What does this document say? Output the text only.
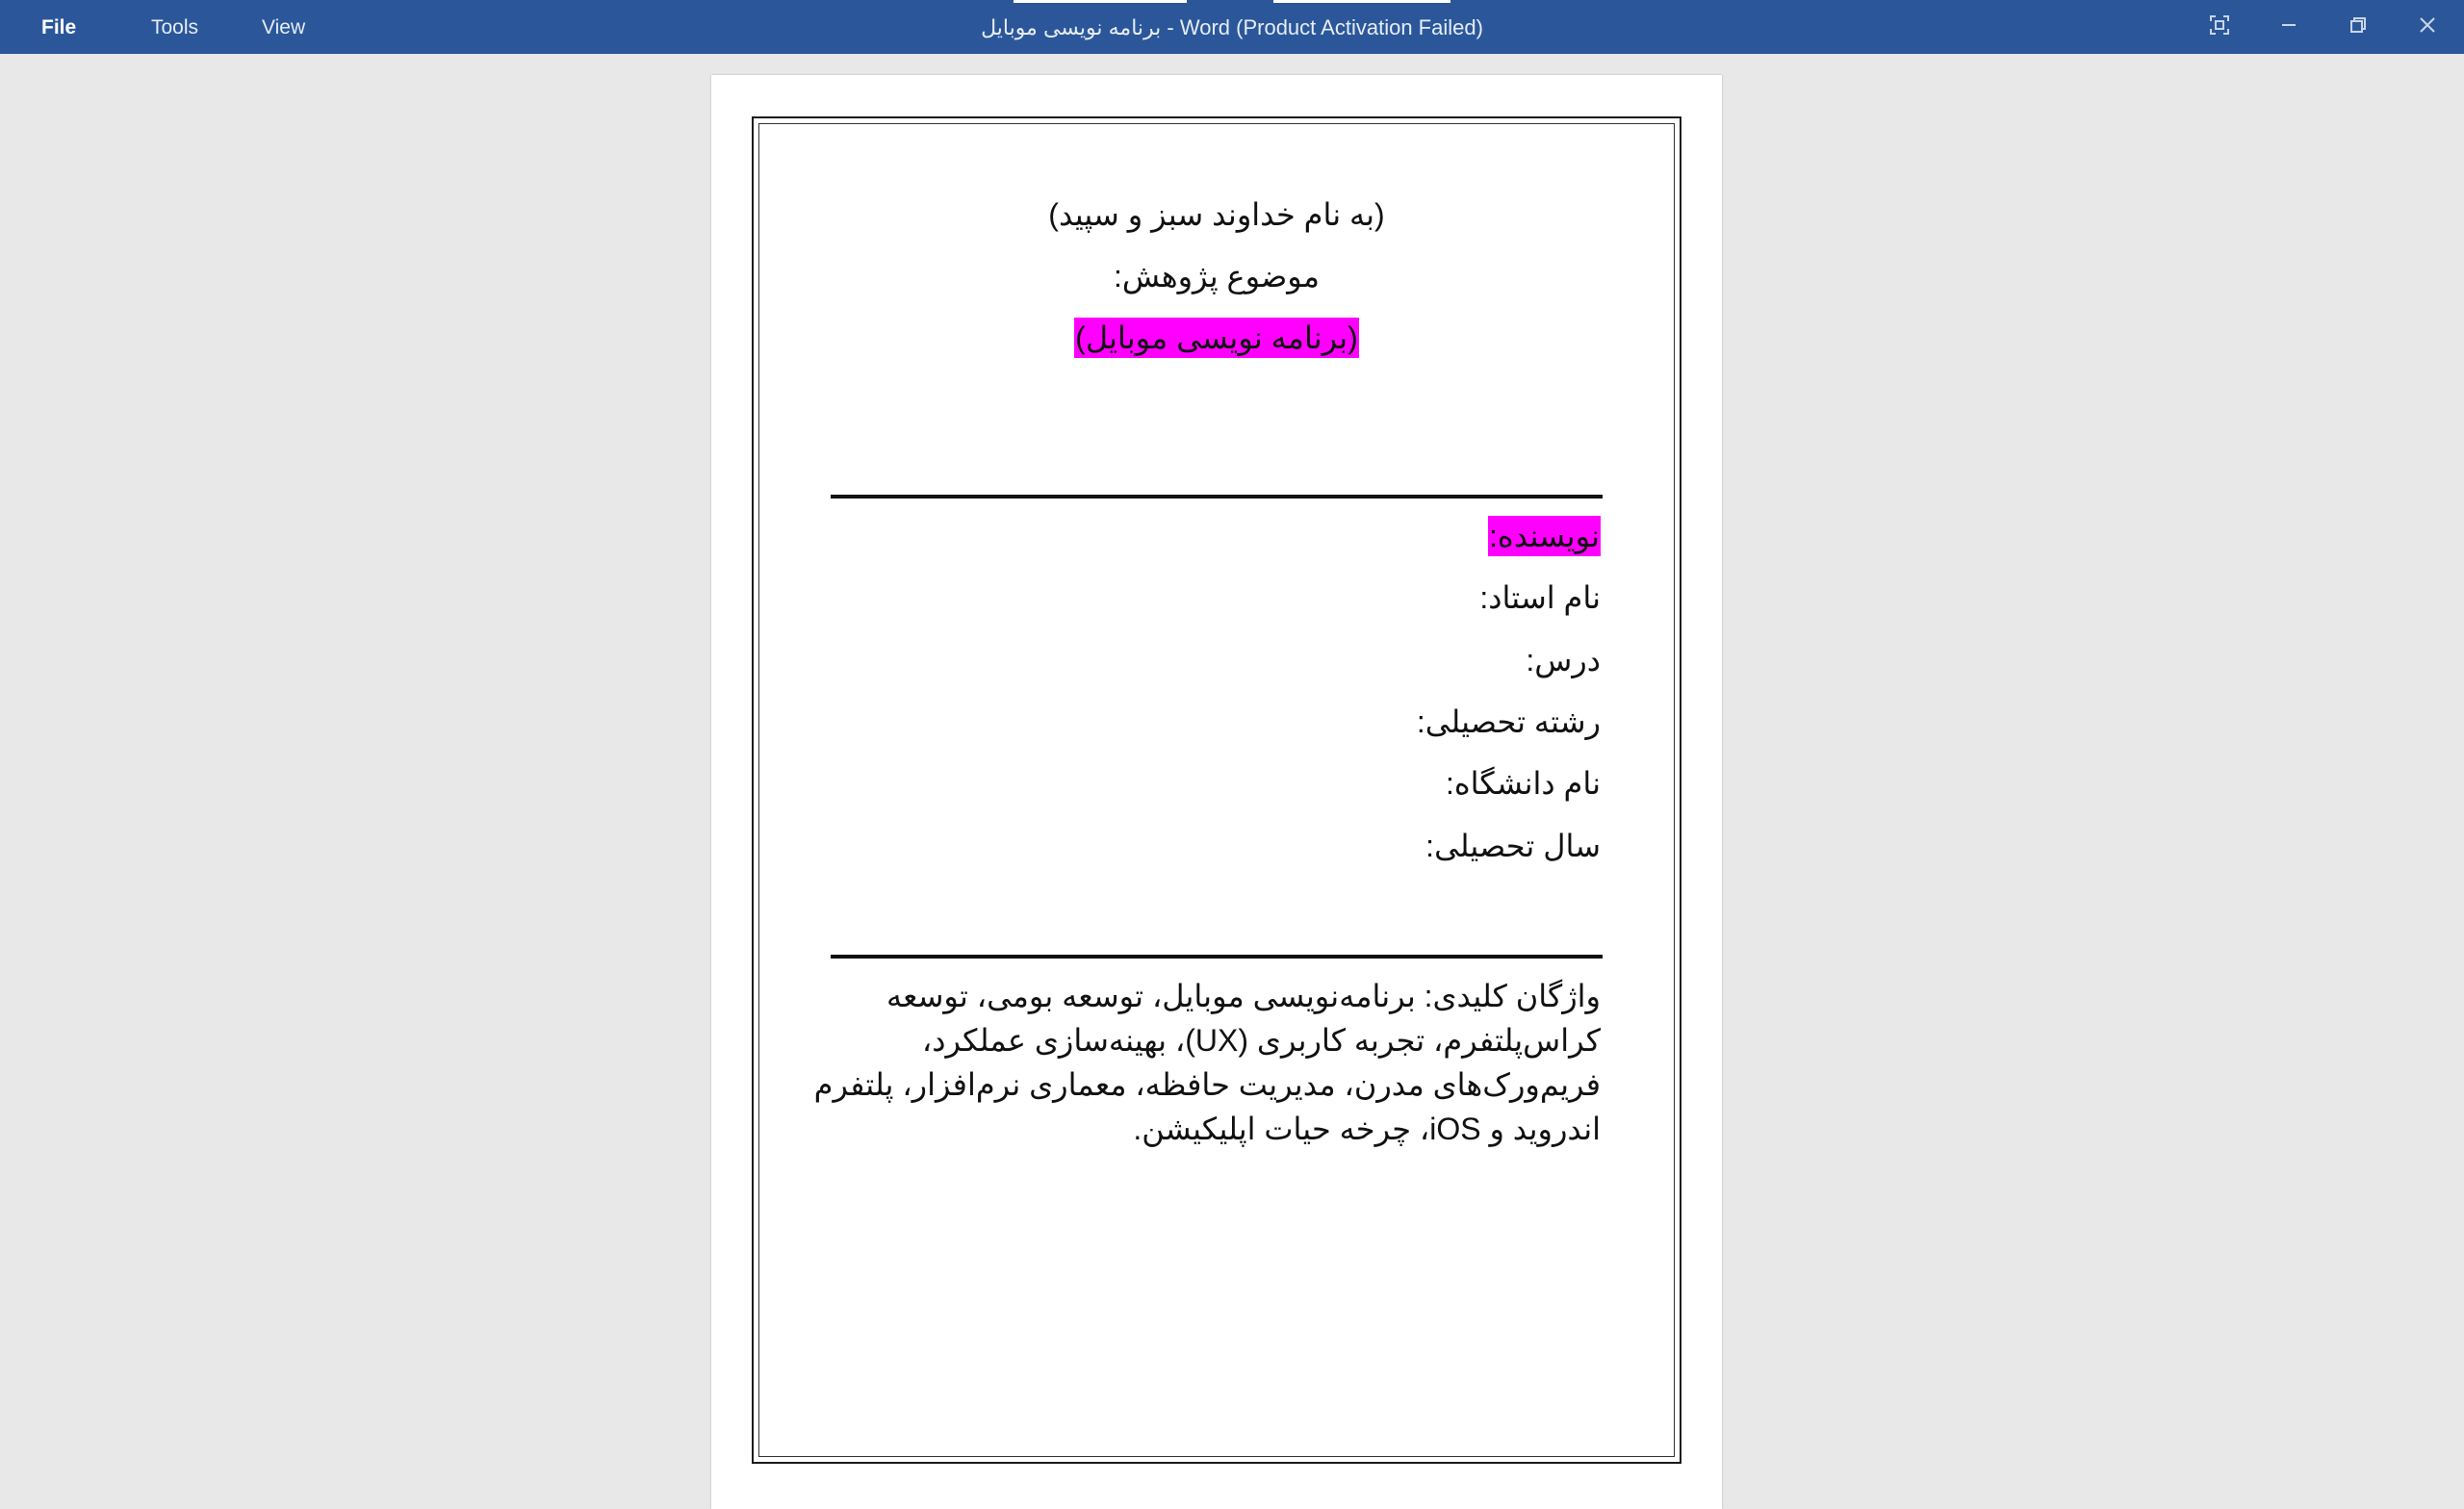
File	Tools	View	برنامه نویسی موبایل - Word (Product Activation Failed)
(به نام خداوند سبز و سپید)
موضوع پژوهش:
(برنامه نویسی موبایل)
نویسنده:
نام استاد:
درس:
رشته تحصیلی:
نام دانشگاه:
سال تحصیلی:

واژگان کلیدی: برنامه‌نویسی موبایل، توسعه بومی، توسعه

کراس‌پلتفرم، تجربه کاربری (UX)، بهینه‌سازی عملکرد،

فریم‌ورک‌های مدرن، مدیریت حافظه، معماری نرم‌افزار، پلتفرم

اندروید و iOS، چرخه حیات اپلیکیشن.
